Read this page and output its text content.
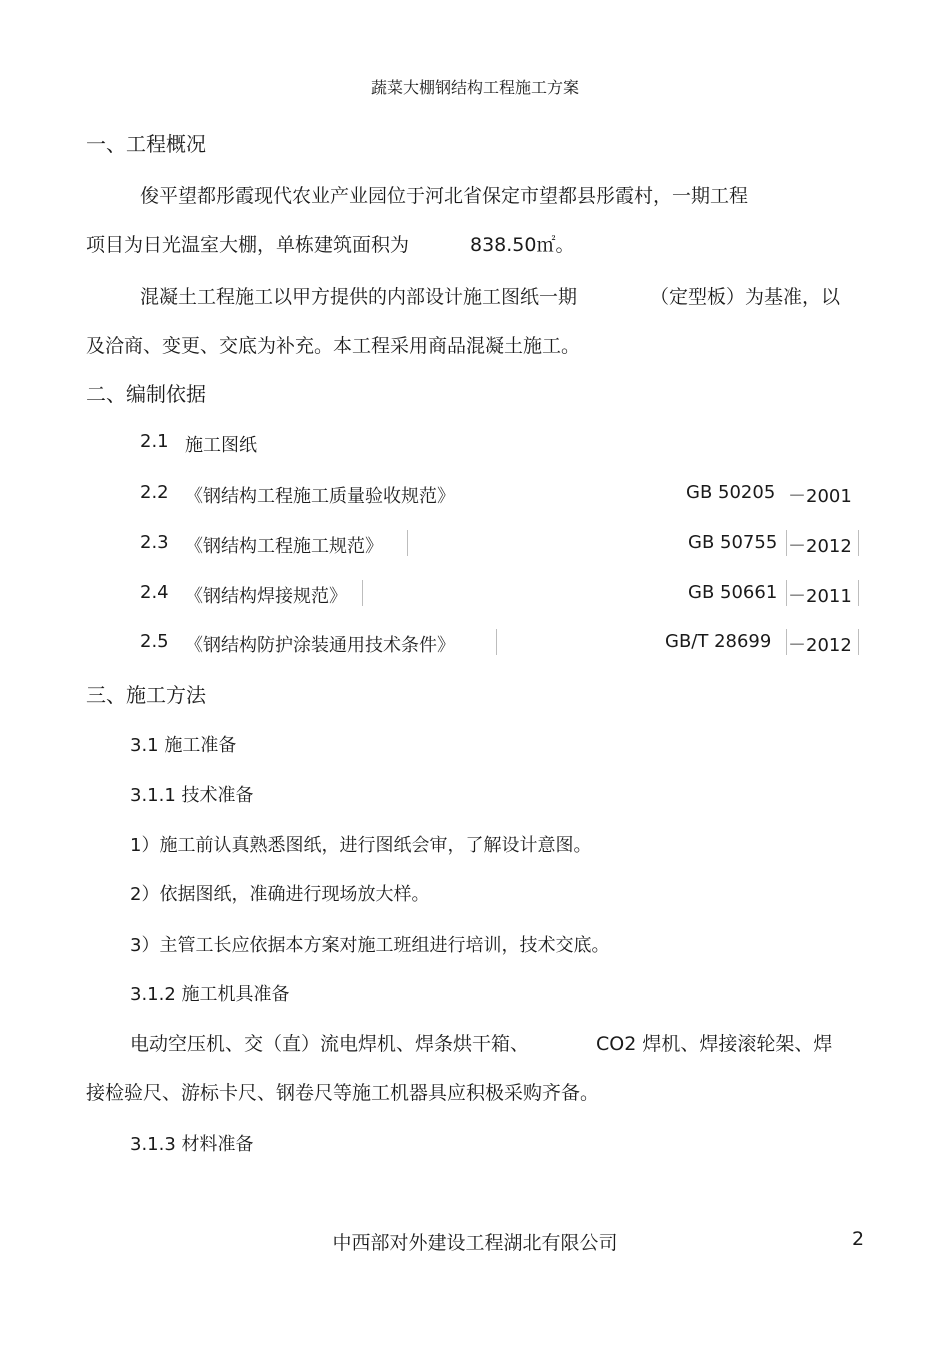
蔬菜大棚钢结构工程施工方案
一、工程概况
俊平望都彤霞现代农业产业园位于河北省保定市望都县彤霞村，一期工程
项目为日光温室大棚，单栋建筑面积为	838.50㎡。
混凝土工程施工以甲方提供的内部设计施工图纸一期	（定型板）为基准，以
及洽商、变更、交底为补充。本工程采用商品混凝土施工。
二、编制依据
2.1 施工图纸
2.2 《钢结构工程施工质量验收规范》	GB 50205 －2001
2.3 《钢结构工程施工规范》	GB 50755 －2012
2.4 《钢结构焊接规范》	GB 50661 －2011
2.5 《钢结构防护涂装通用技术条件》	GB/T 28699 －2012
三、施工方法
3.1 施工准备
3.1.1 技术准备
1）施工前认真熟悉图纸，进行图纸会审，了解设计意图。
2）依据图纸，准确进行现场放大样。
3）主管工长应依据本方案对施工班组进行培训，技术交底。
3.1.2 施工机具准备
电动空压机、交（直）流电焊机、焊条烘干箱、	CO2 焊机、焊接滚轮架、焊
接检验尺、游标卡尺、钢卷尺等施工机器具应积极采购齐备。
3.1.3 材料准备
中西部对外建设工程湖北有限公司	2
